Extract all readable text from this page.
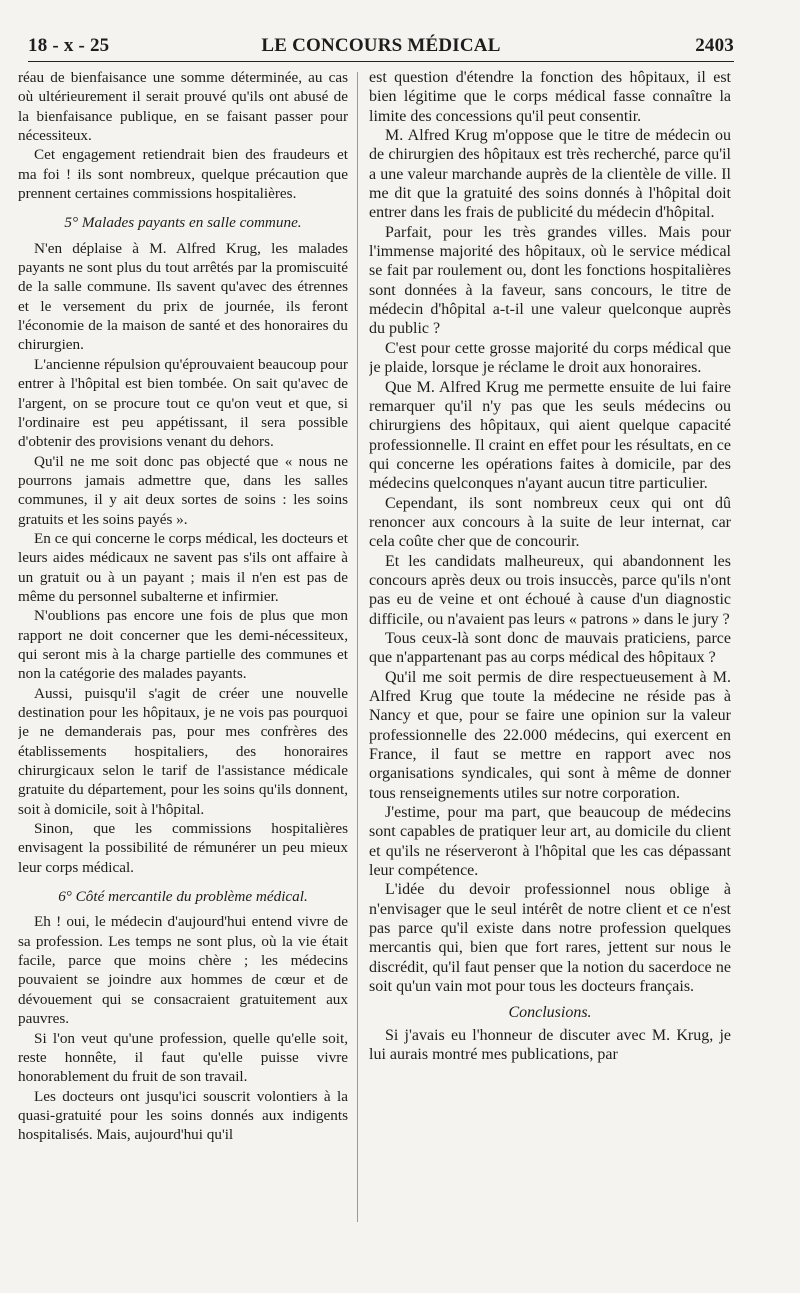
18 - x - 25	LE CONCOURS MÉDICAL	2403

réau de bienfaisance une somme déterminée, au cas où ultérieurement il serait prouvé qu'ils ont abusé de la bienfaisance publique, en se faisant passer pour nécessiteux.

Cet engagement retiendrait bien des fraudeurs et ma foi ! ils sont nombreux, quelque précaution que prennent certaines commissions hospitalières.

5° Malades payants en salle commune.

N'en déplaise à M. Alfred Krug, les malades payants ne sont plus du tout arrêtés par la promiscuité de la salle commune. Ils savent qu'avec des étrennes et le versement du prix de journée, ils feront l'économie de la maison de santé et des honoraires du chirurgien.

L'ancienne répulsion qu'éprouvaient beaucoup pour entrer à l'hôpital est bien tombée. On sait qu'avec de l'argent, on se procure tout ce qu'on veut et que, si l'ordinaire est peu appétissant, il sera possible d'obtenir des provisions venant du dehors.

Qu'il ne me soit donc pas objecté que « nous ne pourrons jamais admettre que, dans les salles communes, il y ait deux sortes de soins : les soins gratuits et les soins payés ».

En ce qui concerne le corps médical, les docteurs et leurs aides médicaux ne savent pas s'ils ont affaire à un gratuit ou à un payant ; mais il n'en est pas de même du personnel subalterne et infirmier.

N'oublions pas encore une fois de plus que mon rapport ne doit concerner que les demi-nécessiteux, qui seront mis à la charge partielle des communes et non la catégorie des malades payants.

Aussi, puisqu'il s'agit de créer une nouvelle destination pour les hôpitaux, je ne vois pas pourquoi je ne demanderais pas, pour mes confrères des établissements hospitaliers, des honoraires chirurgicaux selon le tarif de l'assistance médicale gratuite du département, pour les soins qu'ils donnent, soit à domicile, soit à l'hôpital.

Sinon, que les commissions hospitalières envisagent la possibilité de rémunérer un peu mieux leur corps médical.

6° Côté mercantile du problème médical.

Eh ! oui, le médecin d'aujourd'hui entend vivre de sa profession. Les temps ne sont plus, où la vie était facile, parce que moins chère ; les médecins pouvaient se joindre aux hommes de cœur et de dévouement qui se consacraient gratuitement aux pauvres.

Si l'on veut qu'une profession, quelle qu'elle soit, reste honnête, il faut qu'elle puisse vivre honorablement du fruit de son travail.

Les docteurs ont jusqu'ici souscrit volontiers à la quasi-gratuité pour les soins donnés aux indigents hospitalisés. Mais, aujourd'hui qu'il

est question d'étendre la fonction des hôpitaux, il est bien légitime que le corps médical fasse connaître la limite des concessions qu'il peut consentir.

M. Alfred Krug m'oppose que le titre de médecin ou de chirurgien des hôpitaux est très recherché, parce qu'il a une valeur marchande auprès de la clientèle de ville. Il me dit que la gratuité des soins donnés à l'hôpital doit entrer dans les frais de publicité du médecin d'hôpital.

Parfait, pour les très grandes villes. Mais pour l'immense majorité des hôpitaux, où le service médical se fait par roulement ou, dont les fonctions hospitalières sont données à la faveur, sans concours, le titre de médecin d'hôpital a-t-il une valeur quelconque auprès du public ?

C'est pour cette grosse majorité du corps médical que je plaide, lorsque je réclame le droit aux honoraires.

Que M. Alfred Krug me permette ensuite de lui faire remarquer qu'il n'y pas que les seuls médecins ou chirurgiens des hôpitaux, qui aient quelque capacité professionnelle. Il craint en effet pour les résultats, en ce qui concerne les opérations faites à domicile, par des médecins quelconques n'ayant aucun titre particulier.

Cependant, ils sont nombreux ceux qui ont dû renoncer aux concours à la suite de leur internat, car cela coûte cher que de concourir.

Et les candidats malheureux, qui abandonnent les concours après deux ou trois insuccès, parce qu'ils n'ont pas eu de veine et ont échoué à cause d'un diagnostic difficile, ou n'avaient pas leurs « patrons » dans le jury ?

Tous ceux-là sont donc de mauvais praticiens, parce que n'appartenant pas au corps médical des hôpitaux ?

Qu'il me soit permis de dire respectueusement à M. Alfred Krug que toute la médecine ne réside pas à Nancy et que, pour se faire une opinion sur la valeur professionnelle des 22.000 médecins, qui exercent en France, il faut se mettre en rapport avec nos organisations syndicales, qui sont à même de donner tous renseignements utiles sur notre corporation.

J'estime, pour ma part, que beaucoup de médecins sont capables de pratiquer leur art, au domicile du client et qu'ils ne réserveront à l'hôpital que les cas dépassant leur compétence.

L'idée du devoir professionnel nous oblige à n'envisager que le seul intérêt de notre client et ce n'est pas parce qu'il existe dans notre profession quelques mercantis qui, bien que fort rares, jettent sur nous le discrédit, qu'il faut penser que la notion du sacerdoce ne soit qu'un vain mot pour tous les docteurs français.

Conclusions.

Si j'avais eu l'honneur de discuter avec M. Krug, je lui aurais montré mes publications, par
